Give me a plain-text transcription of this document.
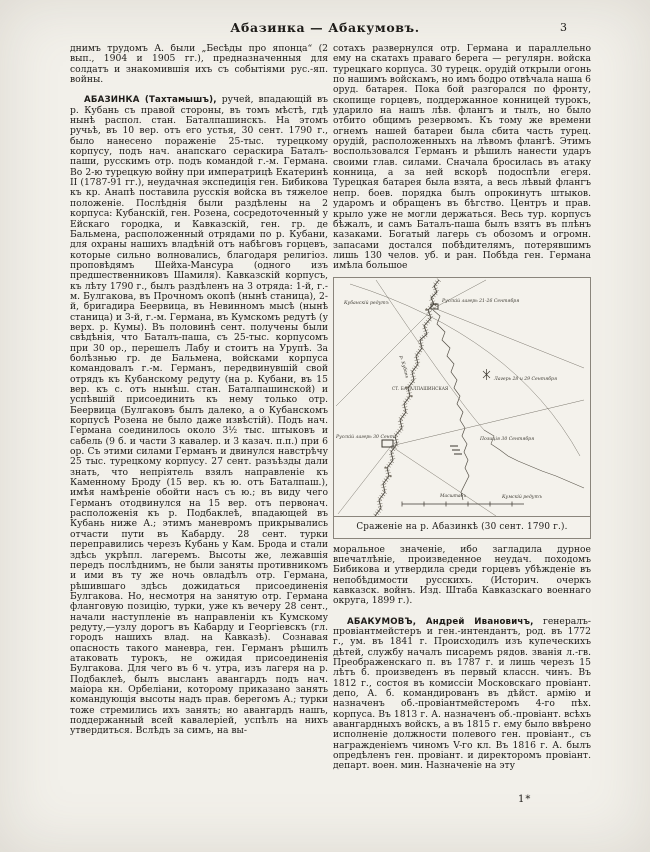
Абазинка — Абакумовъ.	3

днимъ трудомъ А. были „Бесѣды про японца“ (2 вып., 1904 и 1905 гг.), предназначенныя для солдатъ и знакомившія ихъ съ событіями рус.-яп. войны.

АБАЗИНКА (Тахтамышъ), ручей, впадающій въ р. Кубань съ правой стороны, въ томъ мѣстѣ, гдѣ нынѣ распол. стан. Баталпашинскъ. На этомъ ручьѣ, въ 10 вер. отъ его устья, 30 сент. 1790 г., было нанесено пораженіе 25-тыс. турецкому корпусу, подъ нач. анапскаго сераскира Баталъ-паши, русскимъ отр. подъ командой г.-м. Германа. Во 2-ю турецкую войну при императрицѣ Екатеринѣ II (1787-91 гг.), неудачная экспедиція ген. Бибикова къ кр. Анапѣ поставила русскія войска въ тяжелое положеніе. Послѣднія были раздѣлены на 2 корпуса: Кубанскій, ген. Розена, сосредоточенный у Ейскаго городка, и Кавказскій, ген. гр. де Бальмена, расположенный отрядами по р. Кубани, для охраны нашихъ владѣній отъ набѣговъ горцевъ, которые сильно волновались, благодаря религіоз. проповѣдямъ Шейха-Мансура (одного изъ предшественниковъ Шамиля). Кавказскій корпусъ, къ лѣту 1790 г., былъ раздѣленъ на 3 отряда: 1-й, г.-м. Булгакова, въ Прочномъ окопѣ (нынѣ станица), 2-й, бригадира Беервица, въ Невинномъ мысѣ (нынѣ станица) и 3-й, г.-м. Германа, въ Кумскомъ редутѣ (у верх. р. Кумы). Въ половинѣ сент. получены были свѣдѣнія, что Баталъ-паша, съ 25-тыс. корпусомъ при 30 ор., перешелъ Лабу и стоитъ на Урупѣ. За болѣзнью гр. де Бальмена, войсками корпуса командовалъ г.-м. Германъ, передвинувшій свой отрядъ къ Кубанскому редуту (на р. Кубани, въ 15 вер. къ с. отъ нынѣш. стан. Баталпашинской) и успѣвшій присоединить къ нему только отр. Беервица (Булгаковъ былъ далеко, а о Кубанскомъ корпусѣ Розена не было даже извѣстій). Подъ нач. Германа соединилось около 3½ тыс. штыковъ и сабель (9 б. и части 3 кавалер. и 3 казач. п.п.) при 6 ор. Съ этими силами Германъ и двинулся навстрѣчу 25 тыс. турецкому корпусу. 27 сент. разъѣзды дали знать, что непріятель взялъ направленіе къ Каменному Броду (15 вер. къ ю. отъ Баталпаш.), имѣя намѣреніе обойти насъ съ ю.; въ виду чего Германъ отодвинулся на 15 вер. отъ первонач. расположенія къ р. Подбаклеѣ, впадающей въ Кубань ниже А.; этимъ маневромъ прикрывались отчасти пути въ Кабарду. 28 сент. турки переправились черезъ Кубань у Кам. Брода и стали здѣсь укрѣпл. лагеремъ. Высоты же, лежавшія передъ послѣднимъ, не были заняты противникомъ и ими въ ту же ночь овладѣлъ отр. Германа, рѣшившаго здѣсь дожидаться присоединенія Булгакова. Но, несмотря на занятую отр. Германа фланговую позицію, турки, уже къ вечеру 28 сент., начали наступленіе въ направленіи къ Кумскому редуту,—узлу дорогъ въ Кабарду и Георгіевскъ (гл. городъ нашихъ влад. на Кавказѣ). Сознавая опасность такого маневра, ген. Германъ рѣшилъ атаковать турокъ, не ожидая присоединенія Булгакова. Для чего въ 6 ч. утра, изъ лагеря на р. Подбаклеѣ, былъ высланъ авангардъ подъ нач. маіора кн. Орбеліани, которому приказано занять командующія высоты надъ прав. берегомъ А.; турки тоже стремились ихъ занять; но авангардъ нашъ, поддержанный всей кавалеріей, успѣлъ на нихъ утвердиться. Вслѣдъ за симъ, на вы-

сотахъ развернулся отр. Германа и параллельно ему на скатахъ праваго берега — регулярн. войска турецкаго корпуса. 30 турецк. орудій открыли огонь по нашимъ войскамъ, но имъ бодро отвѣчала наша 6 оруд. батарея. Пока бой разгорался по фронту, скопище горцевъ, поддержанное конницей турокъ, ударило на нашъ лѣв. флангъ и тылъ, но было отбито общимъ резервомъ. Къ тому же времени огнемъ нашей батареи была сбита часть турец. орудій, расположенныхъ на лѣвомъ флангѣ. Этимъ воспользовался Германъ и рѣшилъ нанести ударъ своими глав. силами. Сначала бросилась въ атаку конница, а за ней вскорѣ подоспѣли егеря. Турецкая батарея была взята, а весь лѣвый флангъ непр. боев. порядка былъ опрокинутъ штыков. ударомъ и обращенъ въ бѣгство. Центръ и прав. крыло уже не могли держаться. Весь тур. корпусъ бѣжалъ, и самъ Баталъ-паша былъ взятъ въ плѣнъ казаками. Богатый лагерь съ обозомъ и огромн. запасами достался побѣдителямъ, потерявшимъ лишь 130 челов. уб. и ран. Побѣда ген. Германа имѣла большое

Кубанскій редутъ	Русскій лагерь 21-26 Сентября
СТ. БАТАЛПАШИНСКАЯ
Лагерь 28 и 29 Сентября
Позиція 30 Сентября
Русскій лагерь 30 Сент.
Кумскій редутъ
р. Кубань
Масштабъ
Сраженіе на р. Абазинкѣ (30 сент. 1790 г.).

моральное значеніе, ибо загладила дурное впечатлѣніе, произведенное неудач. походомъ Бибикова и утвердила среди горцевъ убѣжденіе въ непобѣдимости русскихъ. (Историч. очеркъ кавказск. войнъ. Изд. Штаба Кавказскаго военнаго округа, 1899 г.).

АБАКУМОВЪ, Андрей Ивановичъ, генералъ-провіантмейстеръ и ген.-интендантъ, род. въ 1772 г., ум. въ 1841 г. Происходилъ изъ купеческихъ дѣтей, службу началъ писаремъ рядов. званія л.-гв. Преображенскаго п. въ 1787 г. и лишь черезъ 15 лѣтъ б. произведенъ въ первый классн. чинъ. Въ 1812 г., состоя въ комиссіи Московскаго провіант. депо, А. б. командированъ въ дѣйст. армію и назначенъ об.-провіантмейстеромъ 4-го пѣх. корпуса. Въ 1813 г. А. назначенъ об.-провіант. всѣхъ авангардныхъ войскъ, а въ 1815 г. ему было ввѣрено исполненіе должности полевого ген. провіант., съ награжденіемъ чиномъ V-го кл. Въ 1816 г. А. былъ опредѣленъ ген. провіант. и директоромъ провіант. департ. воен. мин. Назначеніе на эту

1*
